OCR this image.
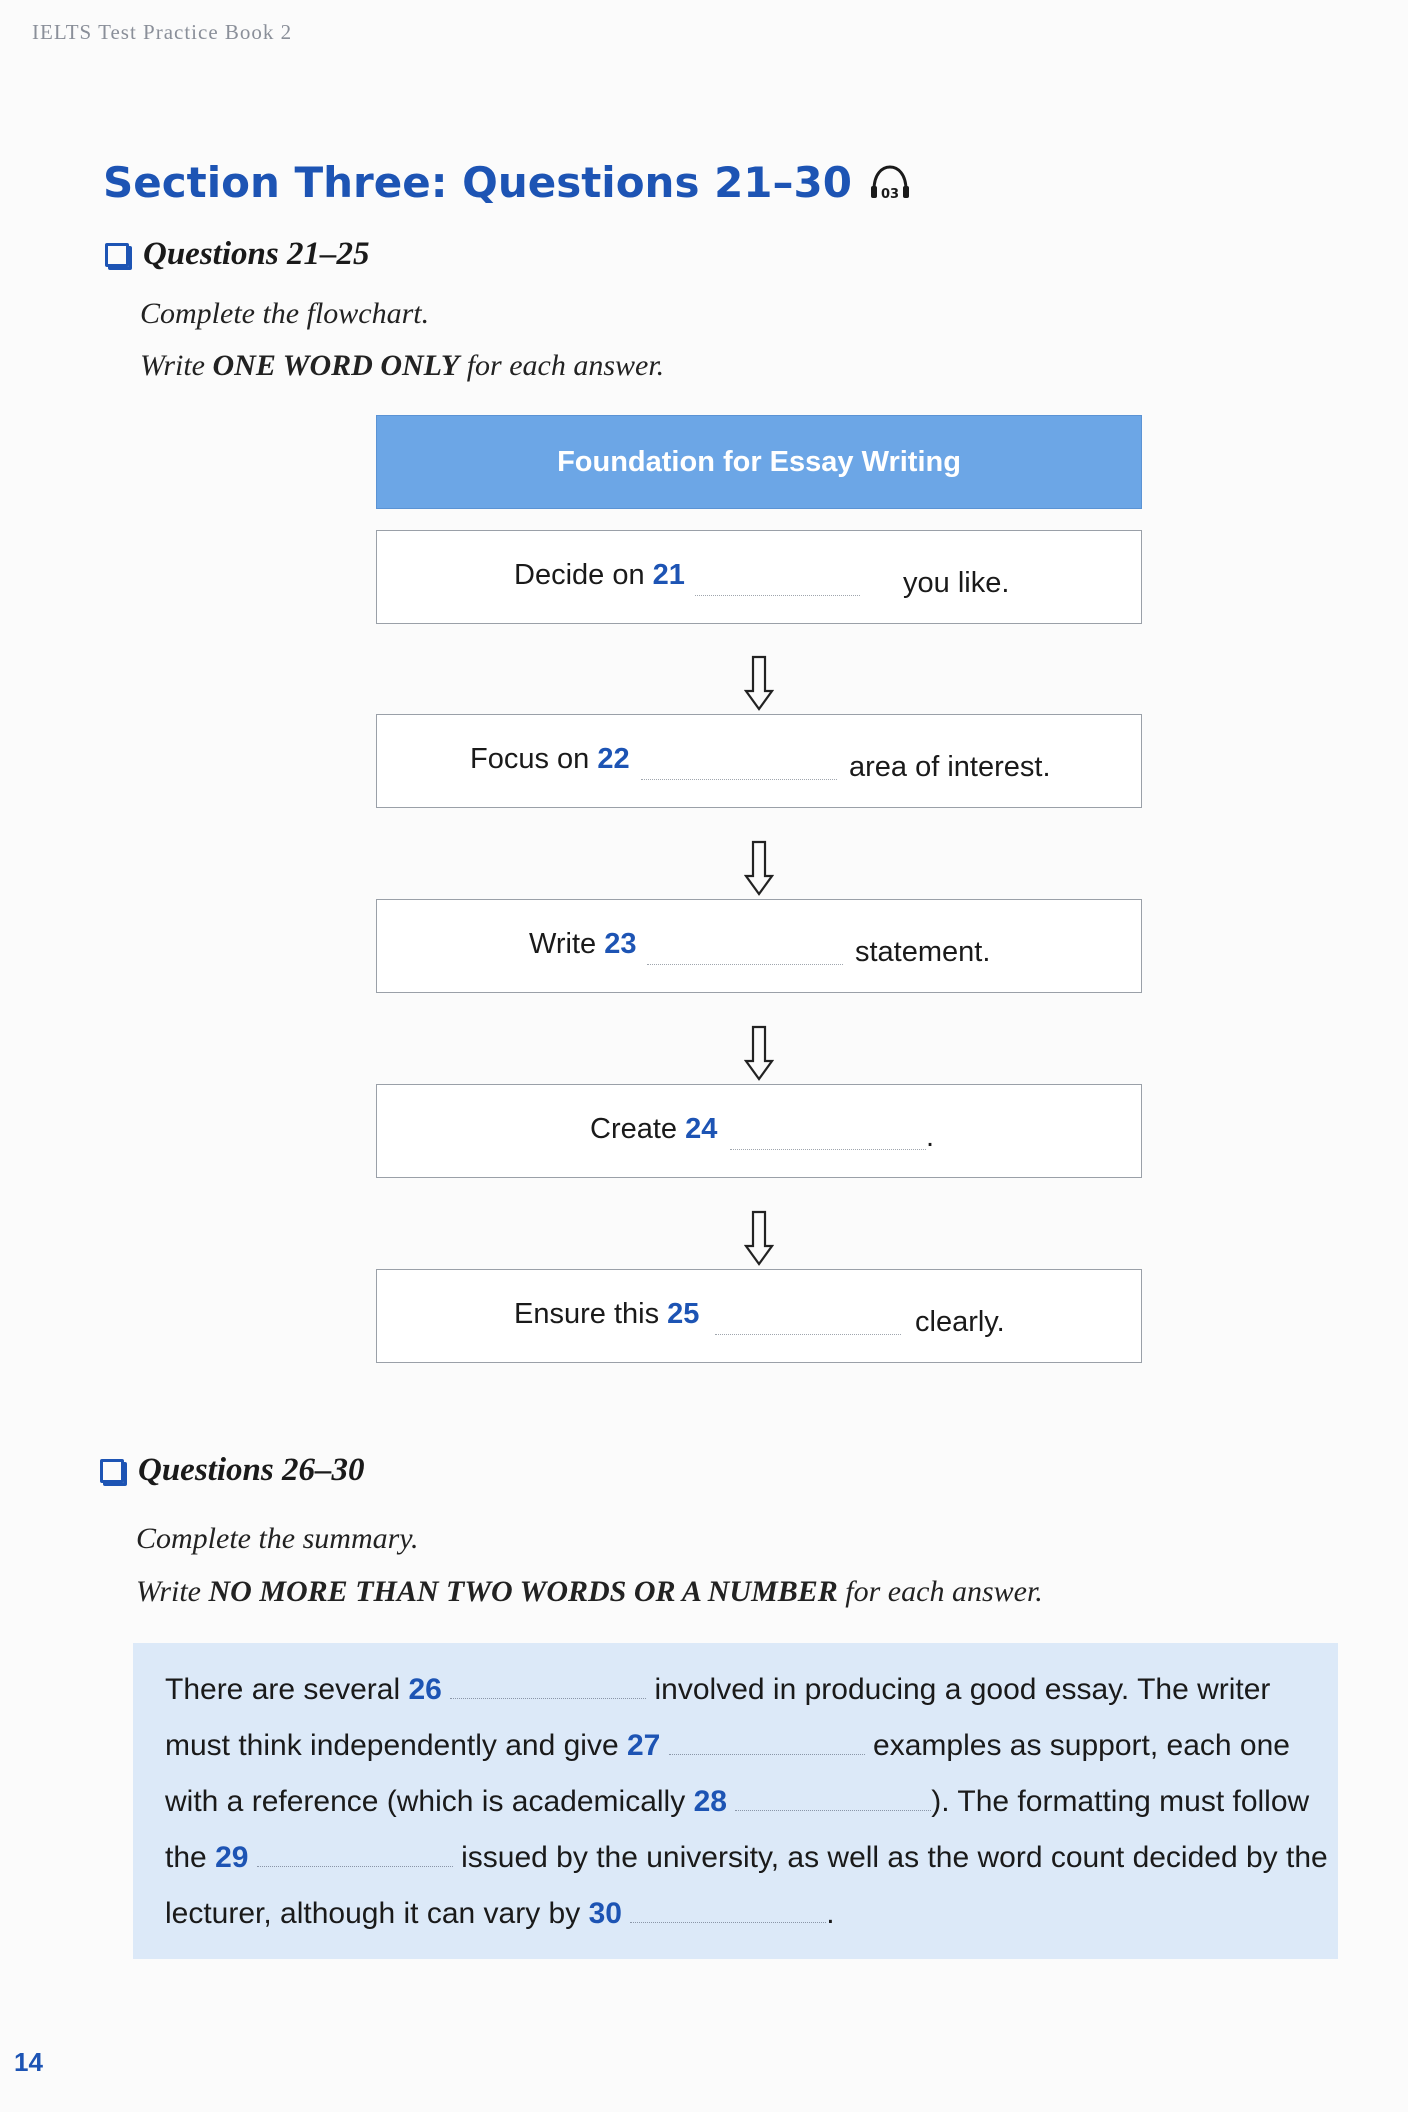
IELTS Test Practice Book 2
Section Three: Questions 21–30 03
Questions 21–25
Complete the flowchart.
Write ONE WORD ONLY for each answer.
Foundation for Essay Writing
Decide on 21	you like.
Focus on 22	area of interest.
Write 23	statement.
Create 24	.
Ensure this 25	clearly.
Questions 26–30
Complete the summary.
Write NO MORE THAN TWO WORDS OR A NUMBER for each answer.
There are several 26	involved in producing a good essay. The writer
must think independently and give 27	examples as support, each one
with a reference (which is academically 28	). The formatting must follow
the 29	issued by the university, as well as the word count decided by the
lecturer, although it can vary by 30	.
14
